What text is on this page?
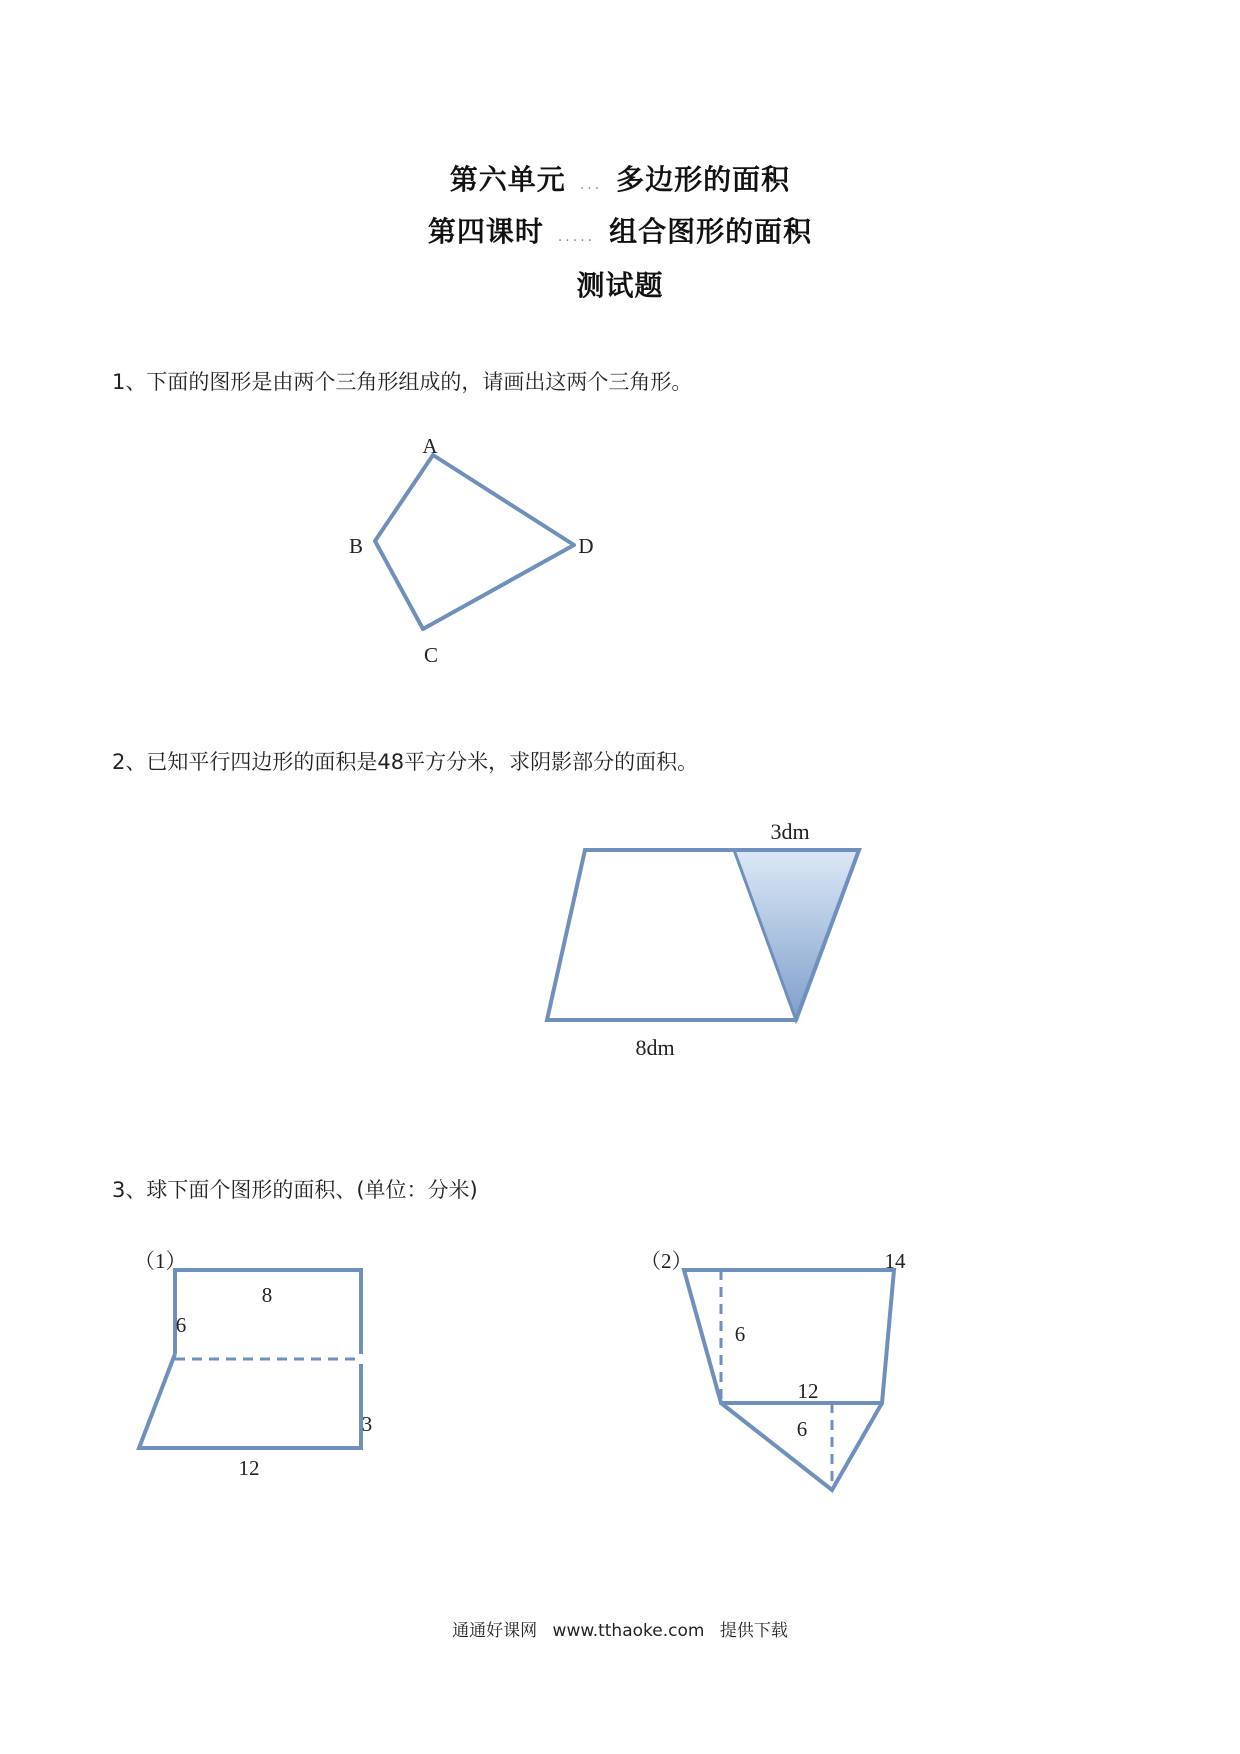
第六单元 ... 多边形的面积
第四课时 ..... 组合图形的面积
测试题

1、下面的图形是由两个三角形组成的，请画出这两个三角形。

A
B
C
D

2、已知平行四边形的面积是48平方分米，求阴影部分的面积。

3dm
8dm

3、球下面个图形的面积、(单位：分米)

（1）
8
6
3
12
（2）	14
6
12
6
通通好课网 www.tthaoke.com 提供下载
